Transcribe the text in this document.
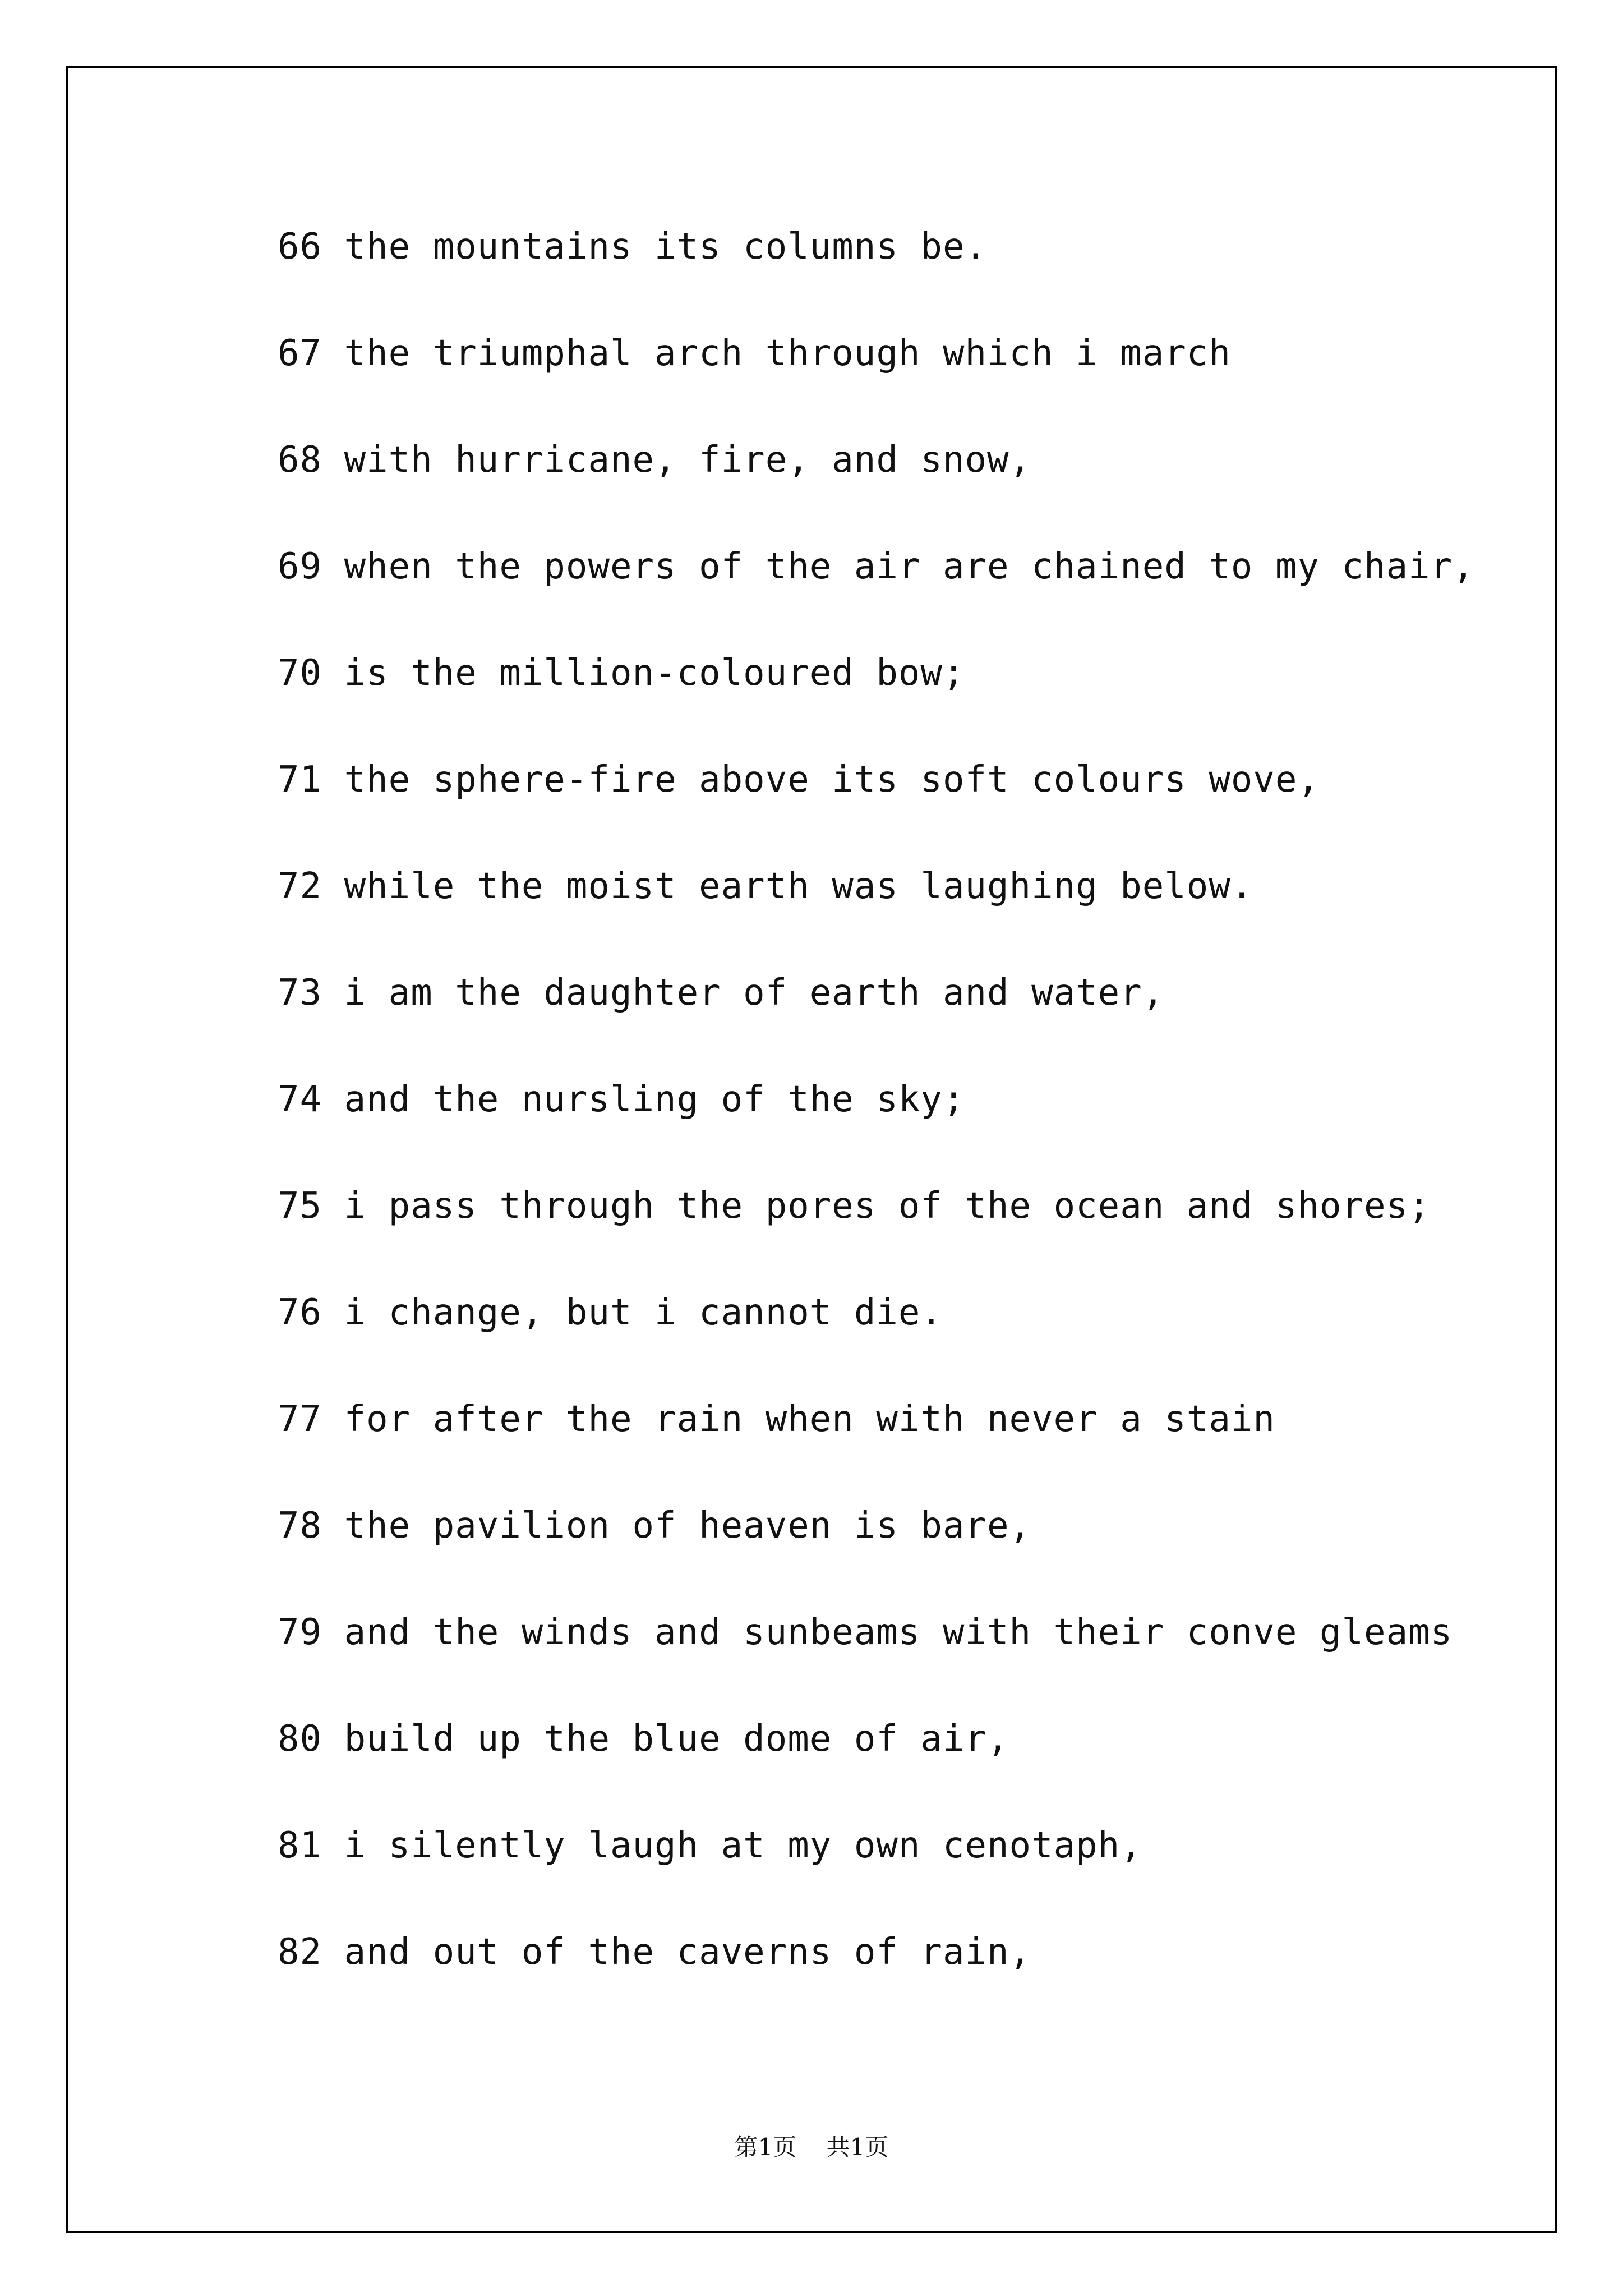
66 the mountains its columns be.
67 the triumphal arch through which i march
68 with hurricane, fire, and snow,
69 when the powers of the air are chained to my chair,
70 is the million-coloured bow;
71 the sphere-fire above its soft colours wove,
72 while the moist earth was laughing below.
73 i am the daughter of earth and water,
74 and the nursling of the sky;
75 i pass through the pores of the ocean and shores;
76 i change, but i cannot die.
77 for after the rain when with never a stain
78 the pavilion of heaven is bare,
79 and the winds and sunbeams with their conve gleams
80 build up the blue dome of air,
81 i silently laugh at my own cenotaph,
82 and out of the caverns of rain,
第1页 共1页
